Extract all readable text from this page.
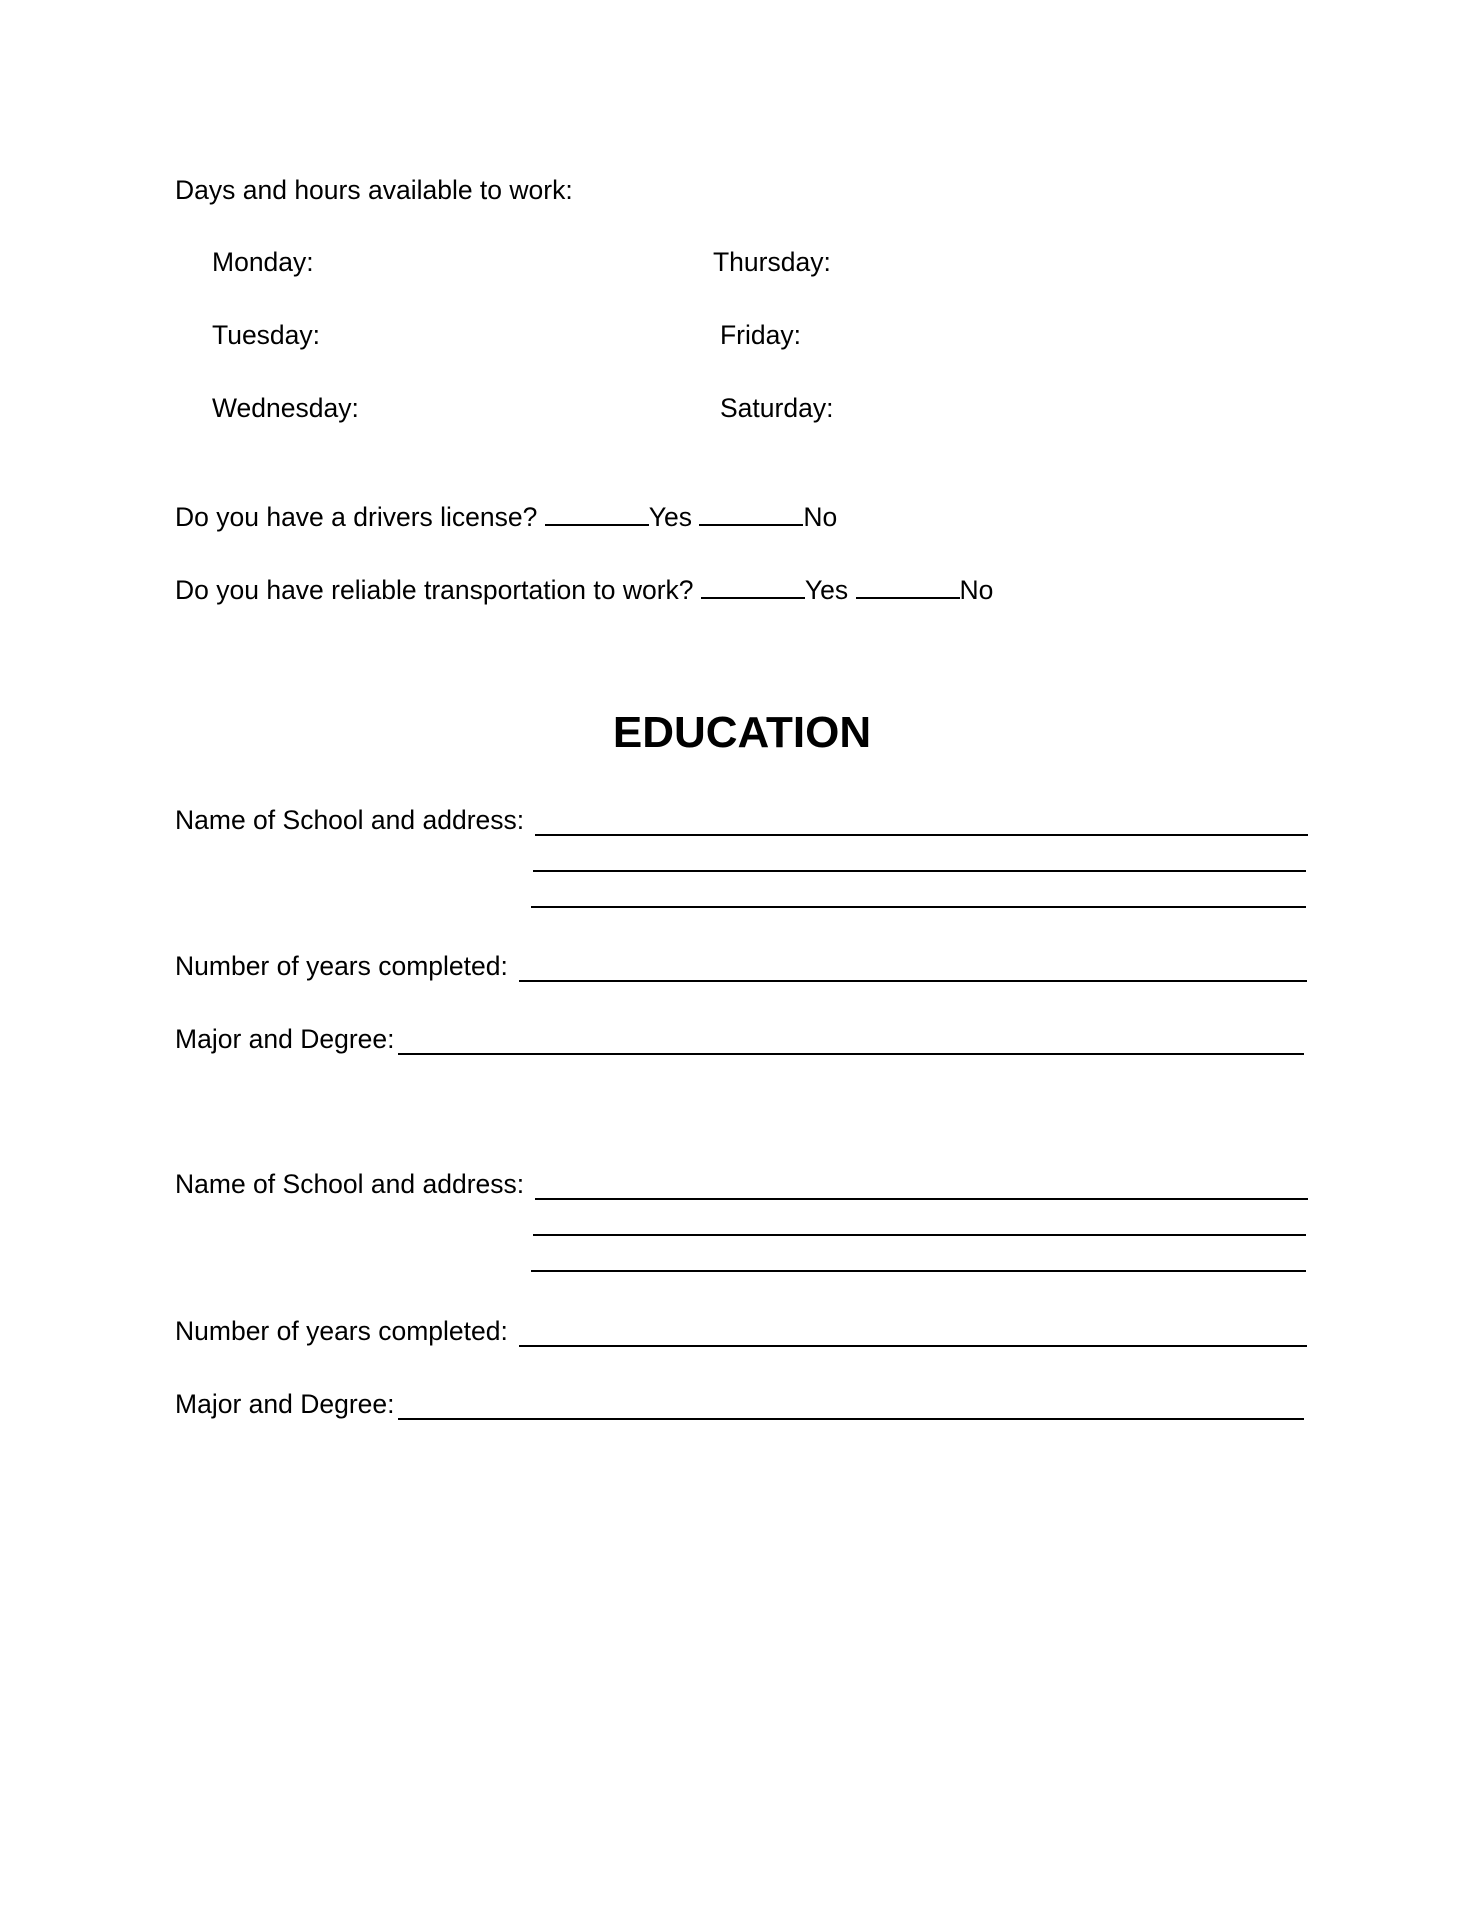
Days and hours available to work:
Monday:	Thursday:
Tuesday:	Friday:
Wednesday:	Saturday:
Do you have a drivers license?	Yes	No
Do you have reliable transportation to work?	Yes	No
EDUCATION
Name of School and address:
Number of years completed:
Major and Degree:
Name of School and address:
Number of years completed:
Major and Degree:
